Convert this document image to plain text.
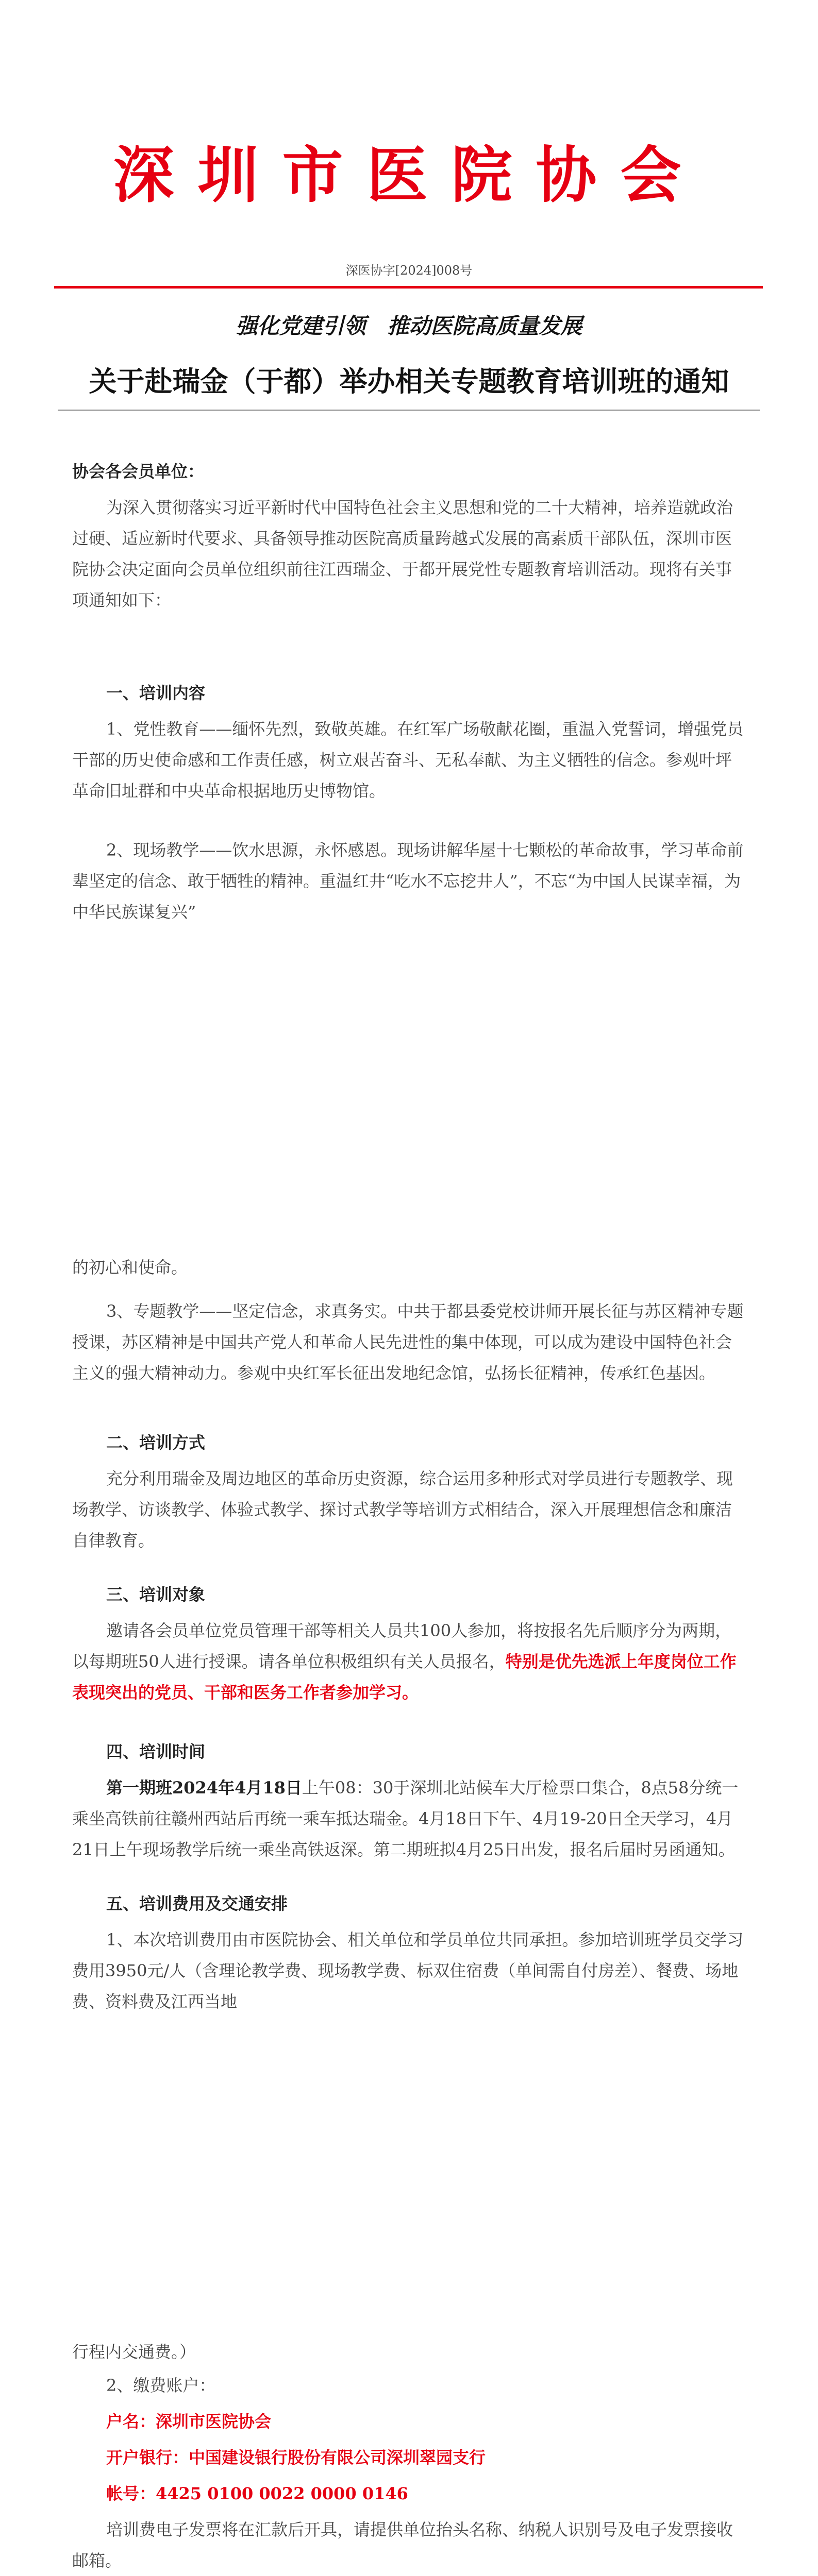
深圳市医院协会
深医协字[2024]008号
强化党建引领　推动医院高质量发展
关于赴瑞金（于都）举办相关专题教育培训班的通知
协会各会员单位：
为深入贯彻落实习近平新时代中国特色社会主义思想和党的二十大精神，培养造就政治过硬、适应新时代要求、具备领导推动医院高质量跨越式发展的高素质干部队伍，深圳市医院协会决定面向会员单位组织前往江西瑞金、于都开展党性专题教育培训活动。现将有关事项通知如下：
一、培训内容
1、党性教育——缅怀先烈，致敬英雄。在红军广场敬献花圈，重温入党誓词，增强党员干部的历史使命感和工作责任感，树立艰苦奋斗、无私奉献、为主义牺牲的信念。参观叶坪革命旧址群和中央革命根据地历史博物馆。
2、现场教学——饮水思源，永怀感恩。现场讲解华屋十七颗松的革命故事，学习革命前辈坚定的信念、敢于牺牲的精神。重温红井“吃水不忘挖井人”，不忘“为中国人民谋幸福，为中华民族谋复兴”
的初心和使命。
3、专题教学——坚定信念，求真务实。中共于都县委党校讲师开展长征与苏区精神专题授课，苏区精神是中国共产党人和革命人民先进性的集中体现，可以成为建设中国特色社会主义的强大精神动力。参观中央红军长征出发地纪念馆，弘扬长征精神，传承红色基因。
二、培训方式
充分利用瑞金及周边地区的革命历史资源，综合运用多种形式对学员进行专题教学、现场教学、访谈教学、体验式教学、探讨式教学等培训方式相结合，深入开展理想信念和廉洁自律教育。
三、培训对象
邀请各会员单位党员管理干部等相关人员共100人参加，将按报名先后顺序分为两期，以每期班50人进行授课。请各单位积极组织有关人员报名，特别是优先选派上年度岗位工作表现突出的党员、干部和医务工作者参加学习。
四、培训时间
第一期班2024年4月18日上午08：30于深圳北站候车大厅检票口集合，8点58分统一乘坐高铁前往赣州西站后再统一乘车抵达瑞金。4月18日下午、4月19-20日全天学习，4月21日上午现场教学后统一乘坐高铁返深。第二期班拟4月25日出发，报名后届时另函通知。
五、培训费用及交通安排
1、本次培训费用由市医院协会、相关单位和学员单位共同承担。参加培训班学员交学习费用3950元/人（含理论教学费、现场教学费、标双住宿费（单间需自付房差）、餐费、场地费、资料费及江西当地
行程内交通费。）
2、缴费账户：
户名：深圳市医院协会
开户银行：中国建设银行股份有限公司深圳翠园支行
帐号：4425 0100 0022 0000 0146
培训费电子发票将在汇款后开具，请提供单位抬头名称、纳税人识别号及电子发票接收邮箱。
